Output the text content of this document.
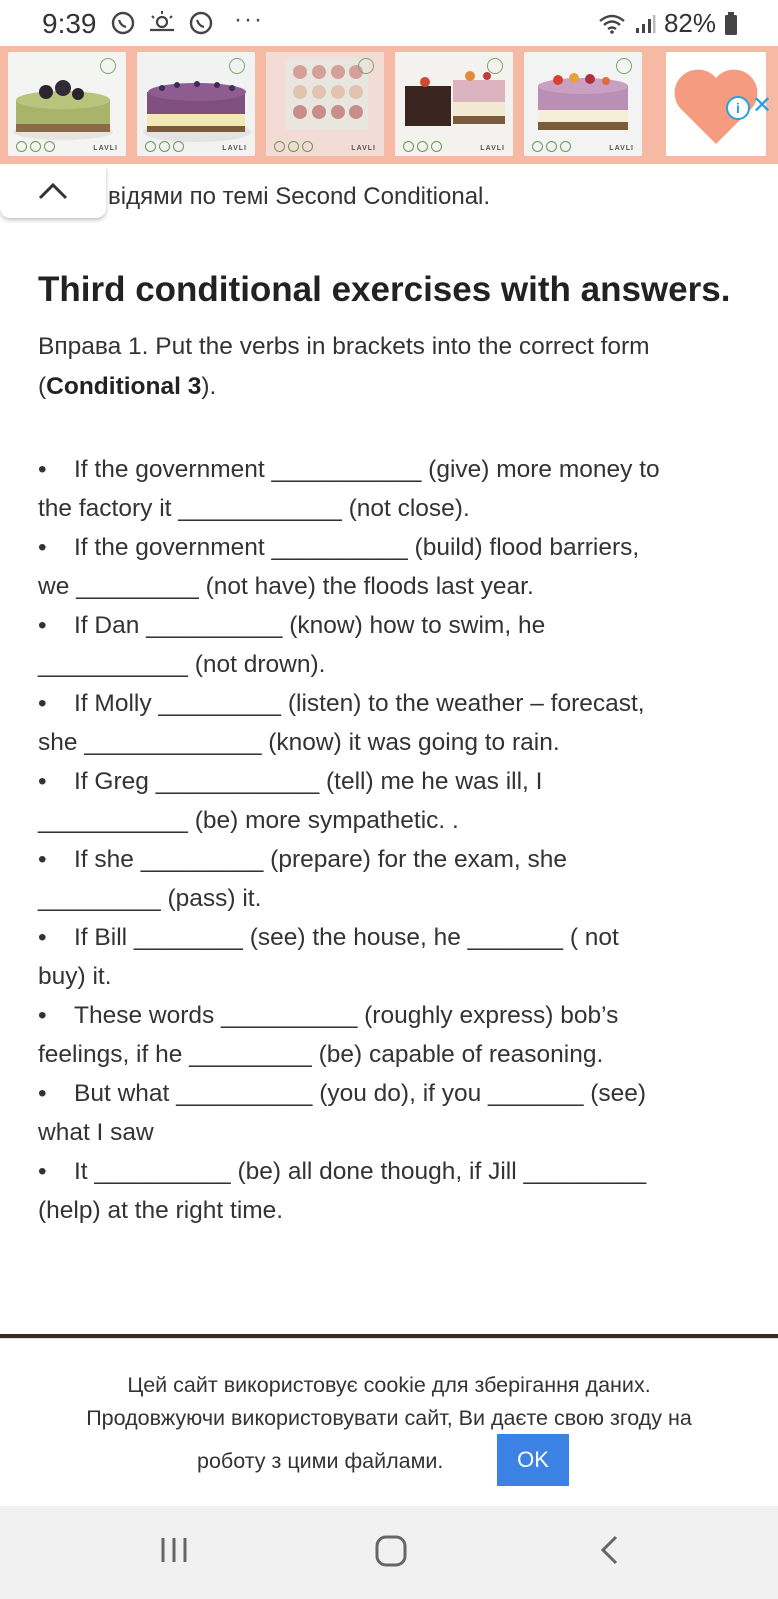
9:39	···	82%
LAVLI	LAVLI	LAVLI	LAVLI	LAVLI
i ✕
відями по темі Second Conditional.
Third conditional exercises with answers.
Вправа 1. Put the verbs in brackets into the correct form (Conditional 3).
• If the government ___________ (give) more money to
the factory it ____________ (not close).
• If the government __________ (build) flood barriers,
we _________ (not have) the floods last year.
• If Dan __________ (know) how to swim, he
___________ (not drown).
• If Molly _________ (listen) to the weather – forecast,
she _____________ (know) it was going to rain.
• If Greg ____________ (tell) me he was ill, I
___________ (be) more sympathetic. .
• If she _________ (prepare) for the exam, she
_________ (pass) it.
• If Bill ________ (see) the house, he _______ ( not
buy) it.
• These words __________ (roughly express) bob’s
feelings, if he _________ (be) capable of reasoning.
• But what __________ (you do), if you _______ (see)
what I saw
• It __________ (be) all done though, if Jill _________
(help) at the right time.
Цей сайт використовує cookie для зберігання даних.
Продовжуючи використовувати сайт, Ви даєте свою згоду на
роботу з цими файлами.	OK
